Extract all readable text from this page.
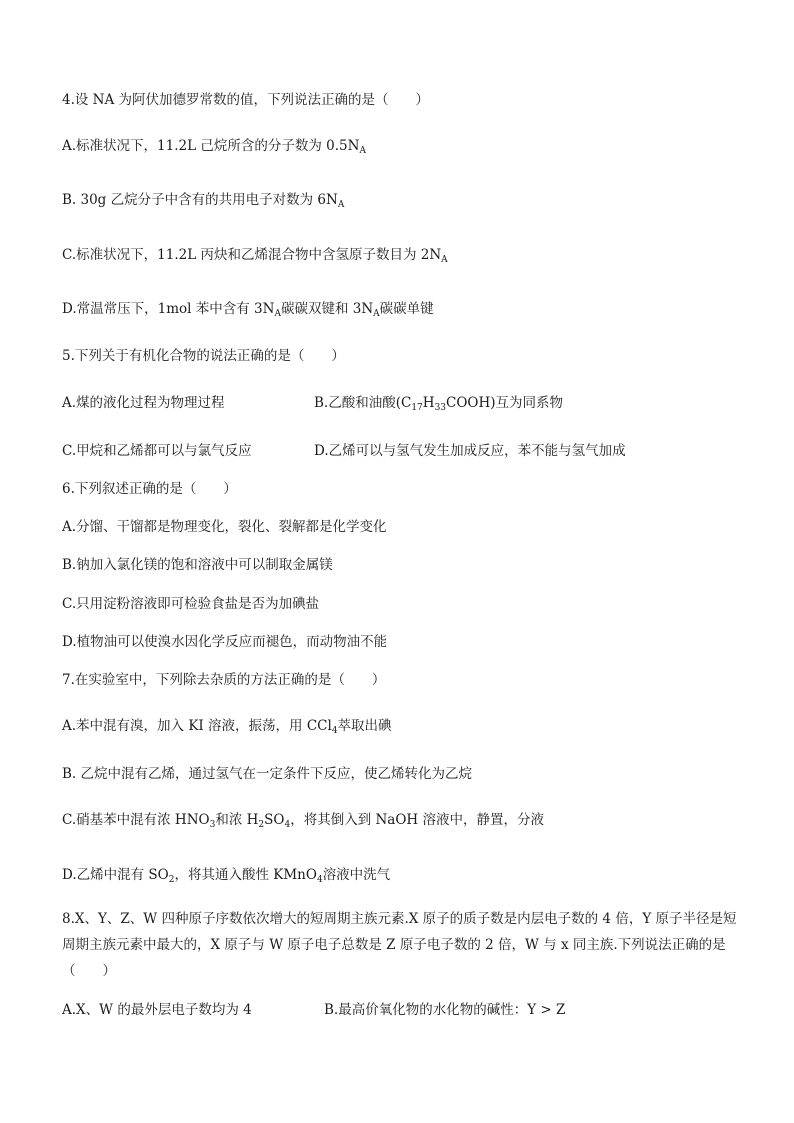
4.设 NA 为阿伏加德罗常数的值，下列说法正确的是（　　）
A.标准状况下，11.2L 己烷所含的分子数为 $0.5N_A$
B. 30g 乙烷分子中含有的共用电子对数为 $6N_A$
C.标准状况下，11.2L 丙炔和乙烯混合物中含氢原子数目为 $2N_A$
D.常温常压下，1mol 苯中含有 $3N_A$碳碳双键和 $3N_A$碳碳单键
5.下列关于有机化合物的说法正确的是（　　）
A.煤的液化过程为物理过程	B.乙酸和油酸$(C_{17}H_{33}COOH)$互为同系物
C.甲烷和乙烯都可以与氯气反应	D.乙烯可以与氢气发生加成反应，苯不能与氢气加成
6.下列叙述正确的是（　　）
A.分馏、干馏都是物理变化，裂化、裂解都是化学变化
B.钠加入氯化镁的饱和溶液中可以制取金属镁
C.只用淀粉溶液即可检验食盐是否为加碘盐
D.植物油可以使溴水因化学反应而褪色，而动物油不能
7.在实验室中，下列除去杂质的方法正确的是（　　）
A.苯中混有溴，加入 KI 溶液，振荡，用 CCl$_4$萃取出碘
B. 乙烷中混有乙烯，通过氢气在一定条件下反应，使乙烯转化为乙烷
C.硝基苯中混有浓 $HNO_3$和浓 $H_2SO_4$，将其倒入到 NaOH 溶液中，静置，分液
D.乙烯中混有 $SO_2$，将其通入酸性 KMnO$_4$溶液中洗气
8.X、Y、Z、W 四种原子序数依次增大的短周期主族元素.X 原子的质子数是内层电子数的 4 倍，Y 原子半径是短周期主族元素中最大的，X 原子与 W 原子电子总数是 Z 原子电子数的 2 倍，W 与 x 同主族.下列说法正确的是（　　）
A.X、W 的最外层电子数均为 4	B.最高价氧化物的水化物的碱性：Y > Z
